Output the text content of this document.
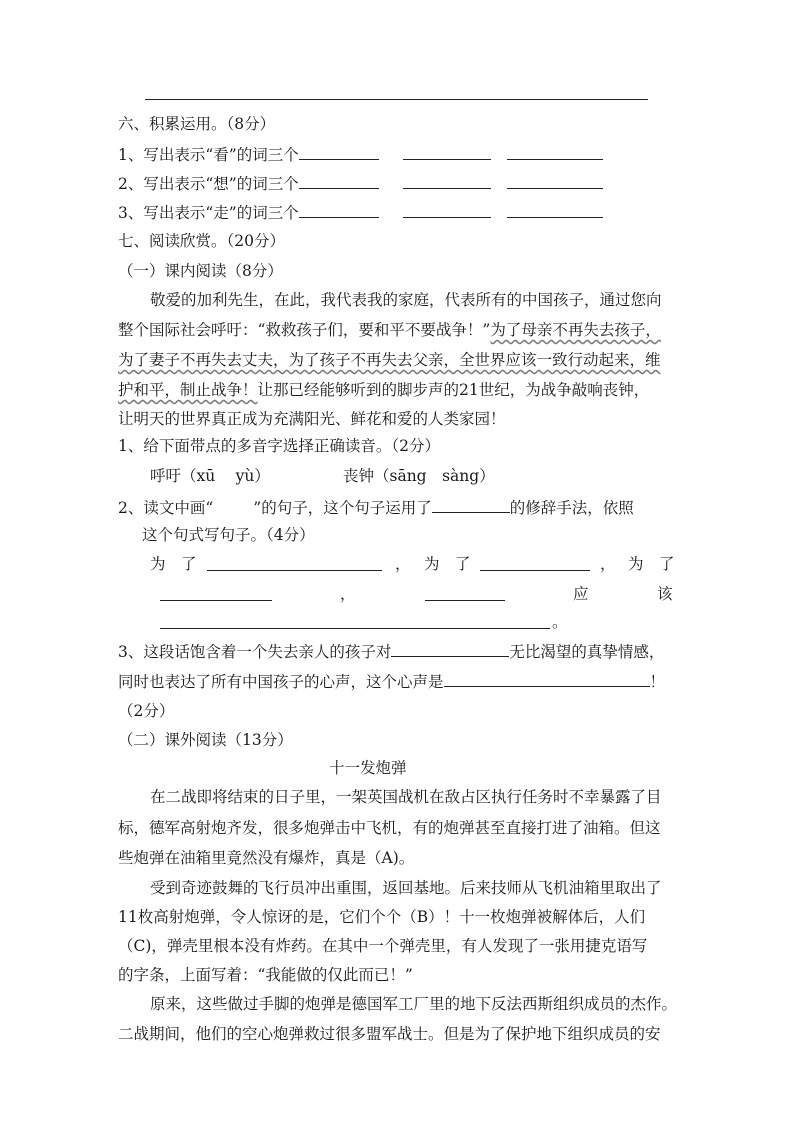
六、积累运用。（8分）
1、写出表示“看”的词三个
2、写出表示“想”的词三个
3、写出表示“走”的词三个
七、阅读欣赏。（20分）
（一）课内阅读（8分）
敬爱的加利先生，在此，我代表我的家庭，代表所有的中国孩子，通过您向
整个国际社会呼吁：“救救孩子们，要和平不要战争！”为了母亲不再失去孩子，
为了妻子不再失去丈夫，为了孩子不再失去父亲，全世界应该一致行动起来，维
护和平，制止战争！让那已经能够听到的脚步声的21世纪，为战争敲响丧钟，
让明天的世界真正成为充满阳光、鲜花和爱的人类家园！
1、给下面带点的多音字选择正确读音。（2分）
呼吁（xū　 yù）	丧钟（sāng　sàng）
2、读文中画“	”的句子，这个句子运用了	的修辞手法，依照
这个句式写句子。（4分）
为　了	， 为　了	， 为　了
，	应	该
。
3、这段话饱含着一个失去亲人的孩子对	无比渴望的真挚情感，
同时也表达了所有中国孩子的心声，这个心声是	！
（2分）
（二）课外阅读（13分）
十一发炮弹
在二战即将结束的日子里，一架英国战机在敌占区执行任务时不幸暴露了目
标，德军高射炮齐发，很多炮弹击中飞机，有的炮弹甚至直接打进了油箱。但这
些炮弹在油箱里竟然没有爆炸，真是（A)。
受到奇迹鼓舞的飞行员冲出重围，返回基地。后来技师从飞机油箱里取出了
11枚高射炮弹，令人惊讶的是，它们个个（B）！十一枚炮弹被解体后，人们
（C)，弹壳里根本没有炸药。在其中一个弹壳里，有人发现了一张用捷克语写
的字条，上面写着：“我能做的仅此而已！”
原来，这些做过手脚的炮弹是德国军工厂里的地下反法西斯组织成员的杰作。
二战期间，他们的空心炮弹救过很多盟军战士。但是为了保护地下组织成员的安
